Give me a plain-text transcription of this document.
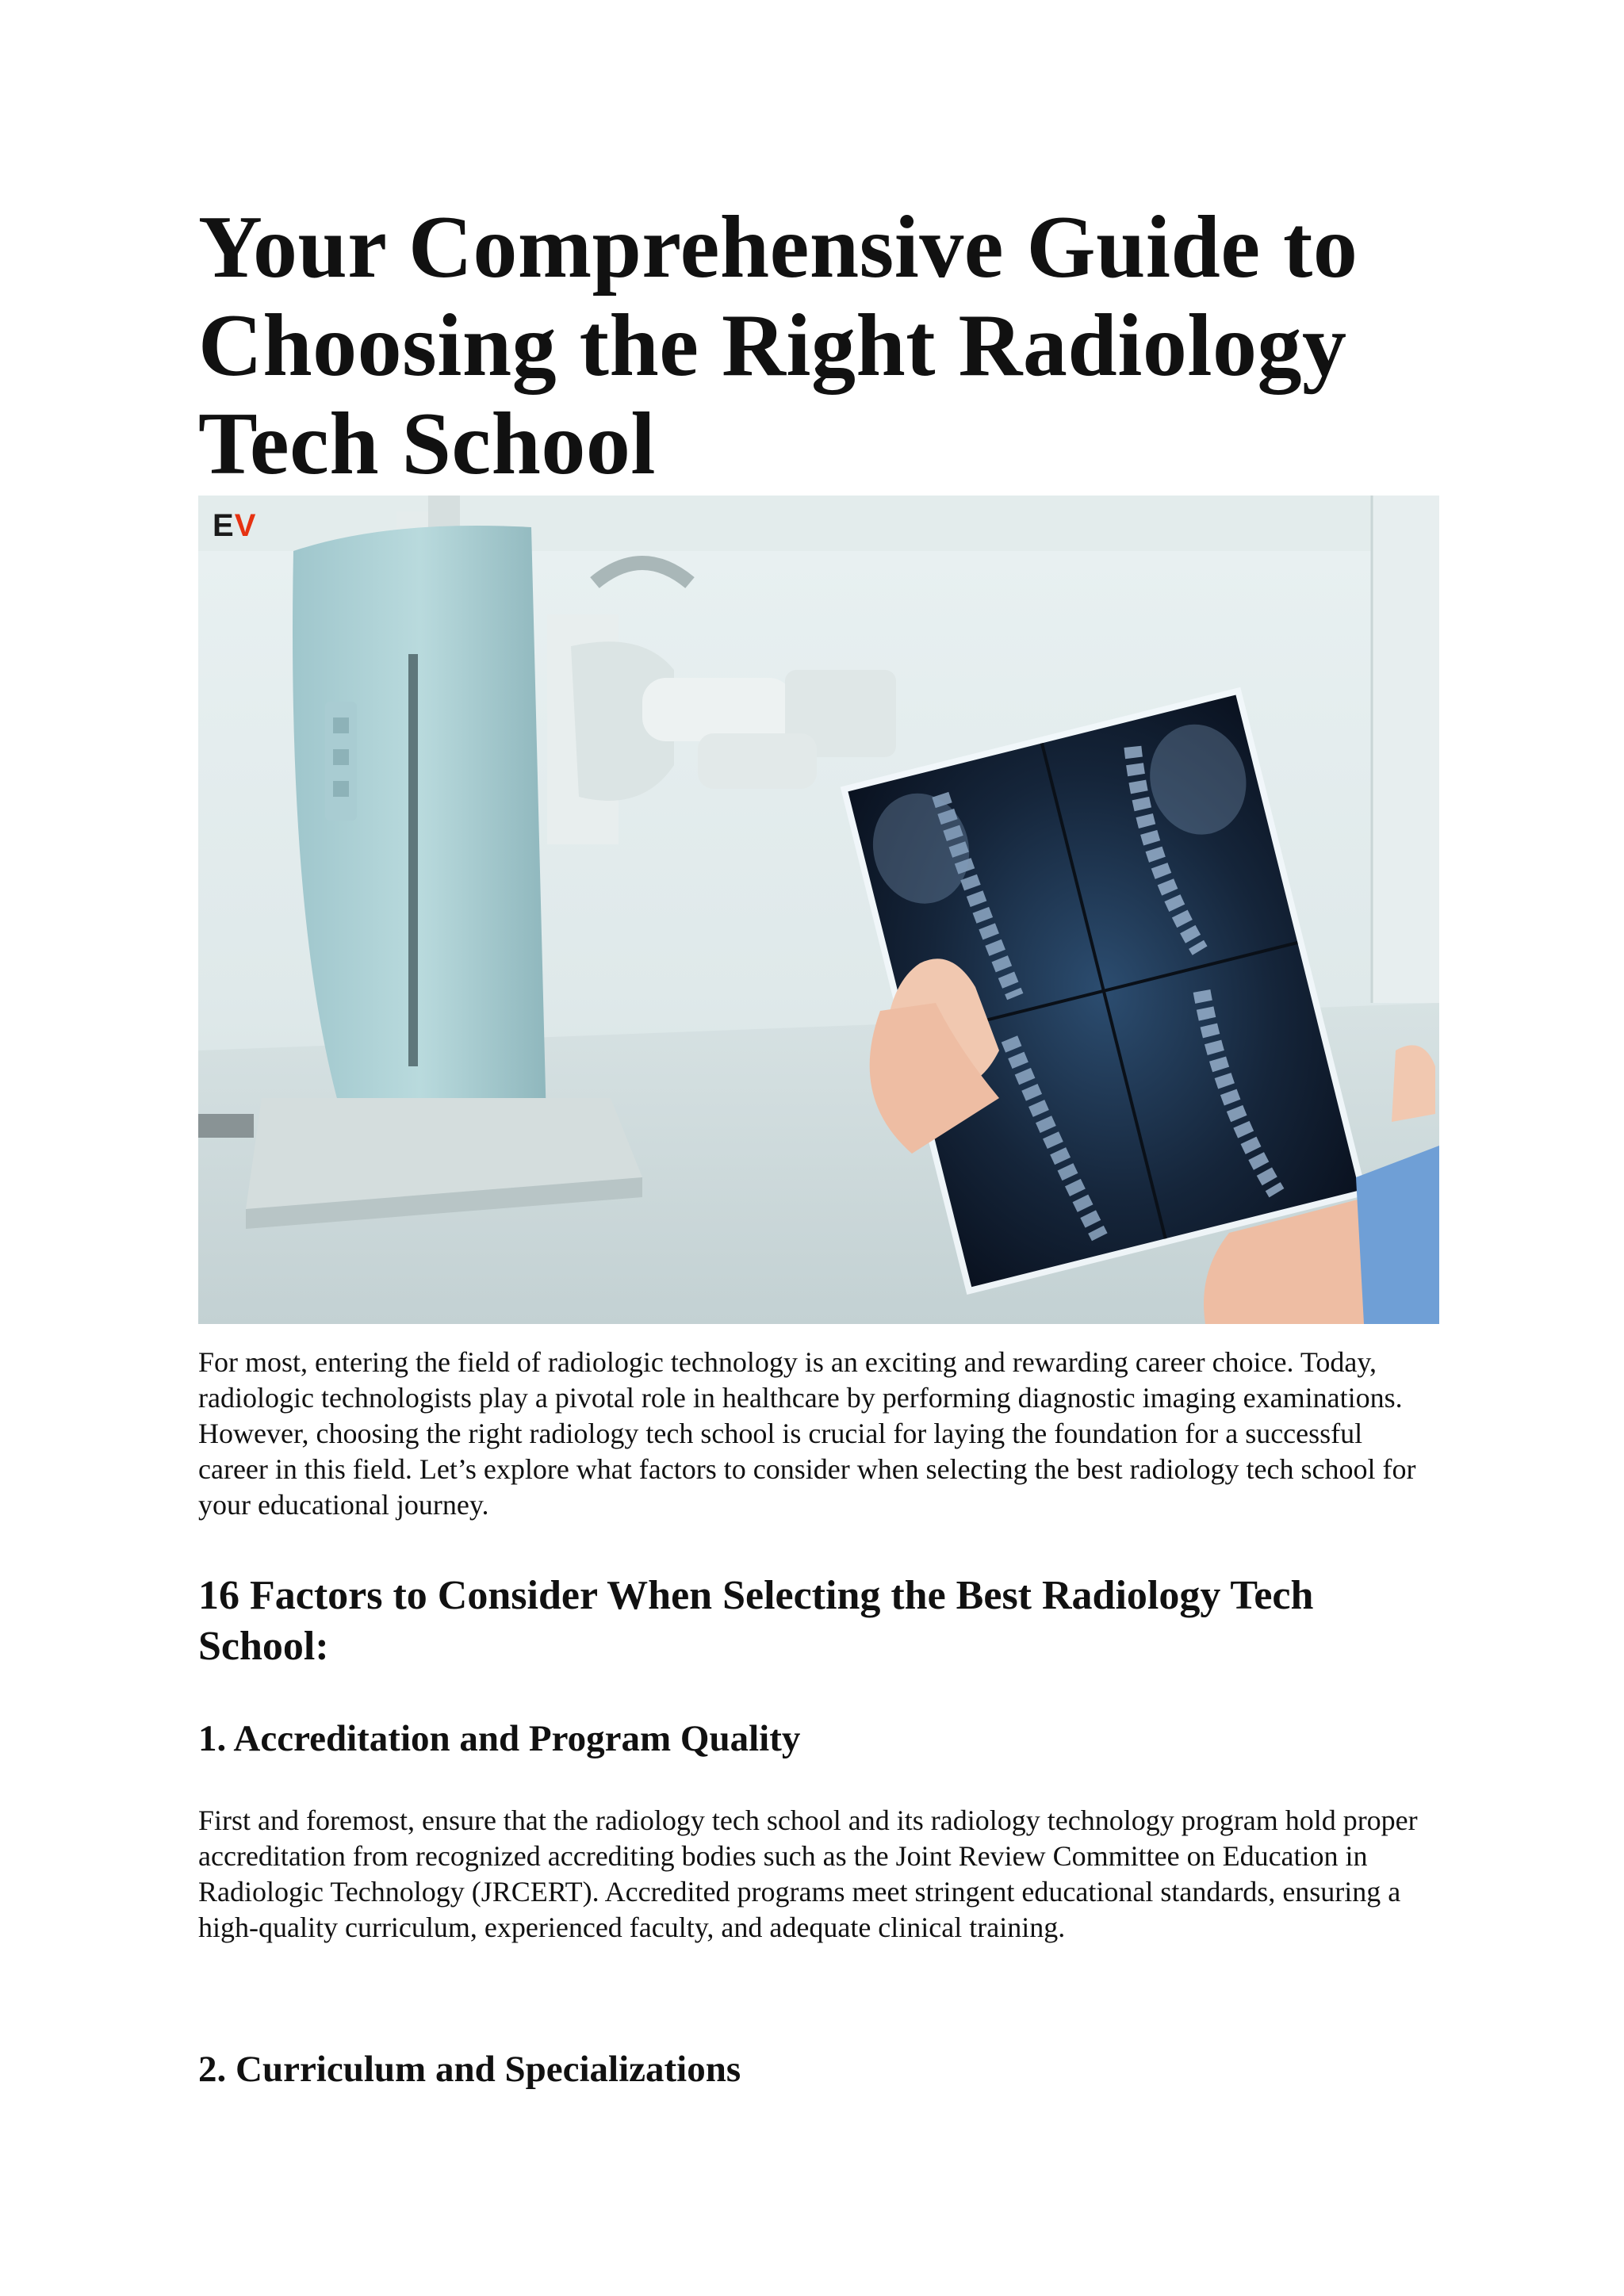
Your Comprehensive Guide to Choosing the Right Radiology Tech School
EV

For most, entering the field of radiologic technology is an exciting and rewarding career choice. Today, radiologic technologists play a pivotal role in healthcare by performing diagnostic imaging examinations. However, choosing the right radiology tech school is crucial for laying the foundation for a successful career in this field. Let’s explore what factors to consider when selecting the best radiology tech school for your educational journey.

16 Factors to Consider When Selecting the Best Radiology Tech School:
1. Accreditation and Program Quality

First and foremost, ensure that the radiology tech school and its radiology technology program hold proper accreditation from recognized accrediting bodies such as the Joint Review Committee on Education in Radiologic Technology (JRCERT). Accredited programs meet stringent educational standards, ensuring a high-quality curriculum, experienced faculty, and adequate clinical training.

2. Curriculum and Specializations
